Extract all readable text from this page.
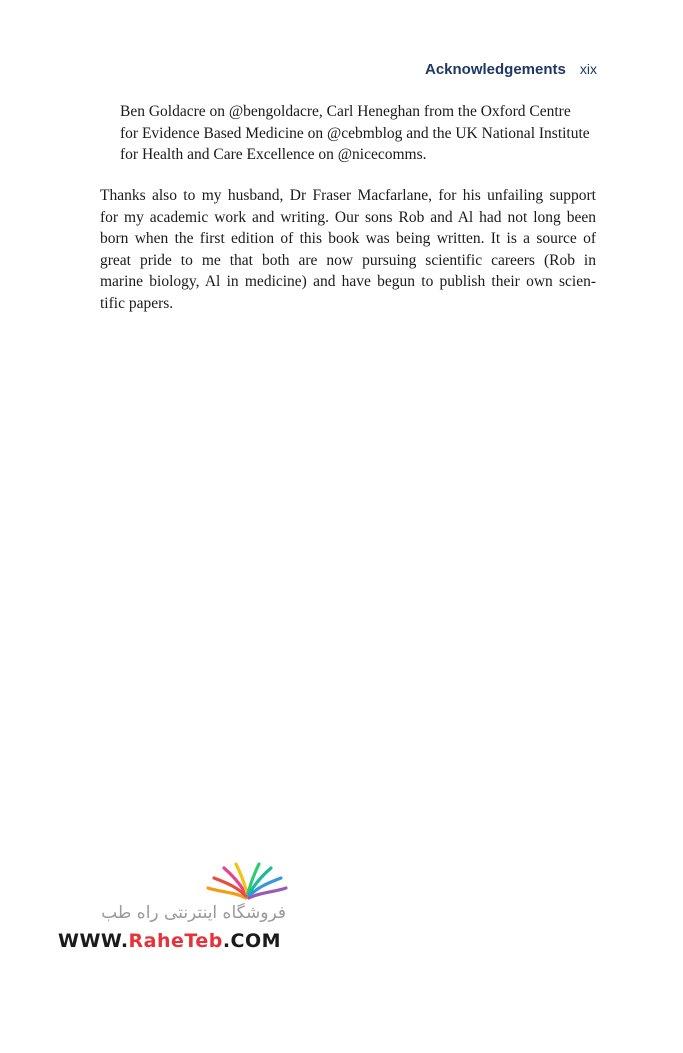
Acknowledgements xix

Ben Goldacre on @bengoldacre, Carl Heneghan from the Oxford Centre
for Evidence Based Medicine on @cebmblog and the UK National Institute
for Health and Care Excellence on @nicecomms.

Thanks also to my husband, Dr Fraser Macfarlane, for his unfailing support
for my academic work and writing. Our sons Rob and Al had not long been
born when the first edition of this book was being written. It is a source of
great pride to me that both are now pursuing scientific careers (Rob in
marine biology, Al in medicine) and have begun to publish their own scien-
tific papers.

فروشگاه اینترنتی راه طب
WWW.RaheTeb.COM
